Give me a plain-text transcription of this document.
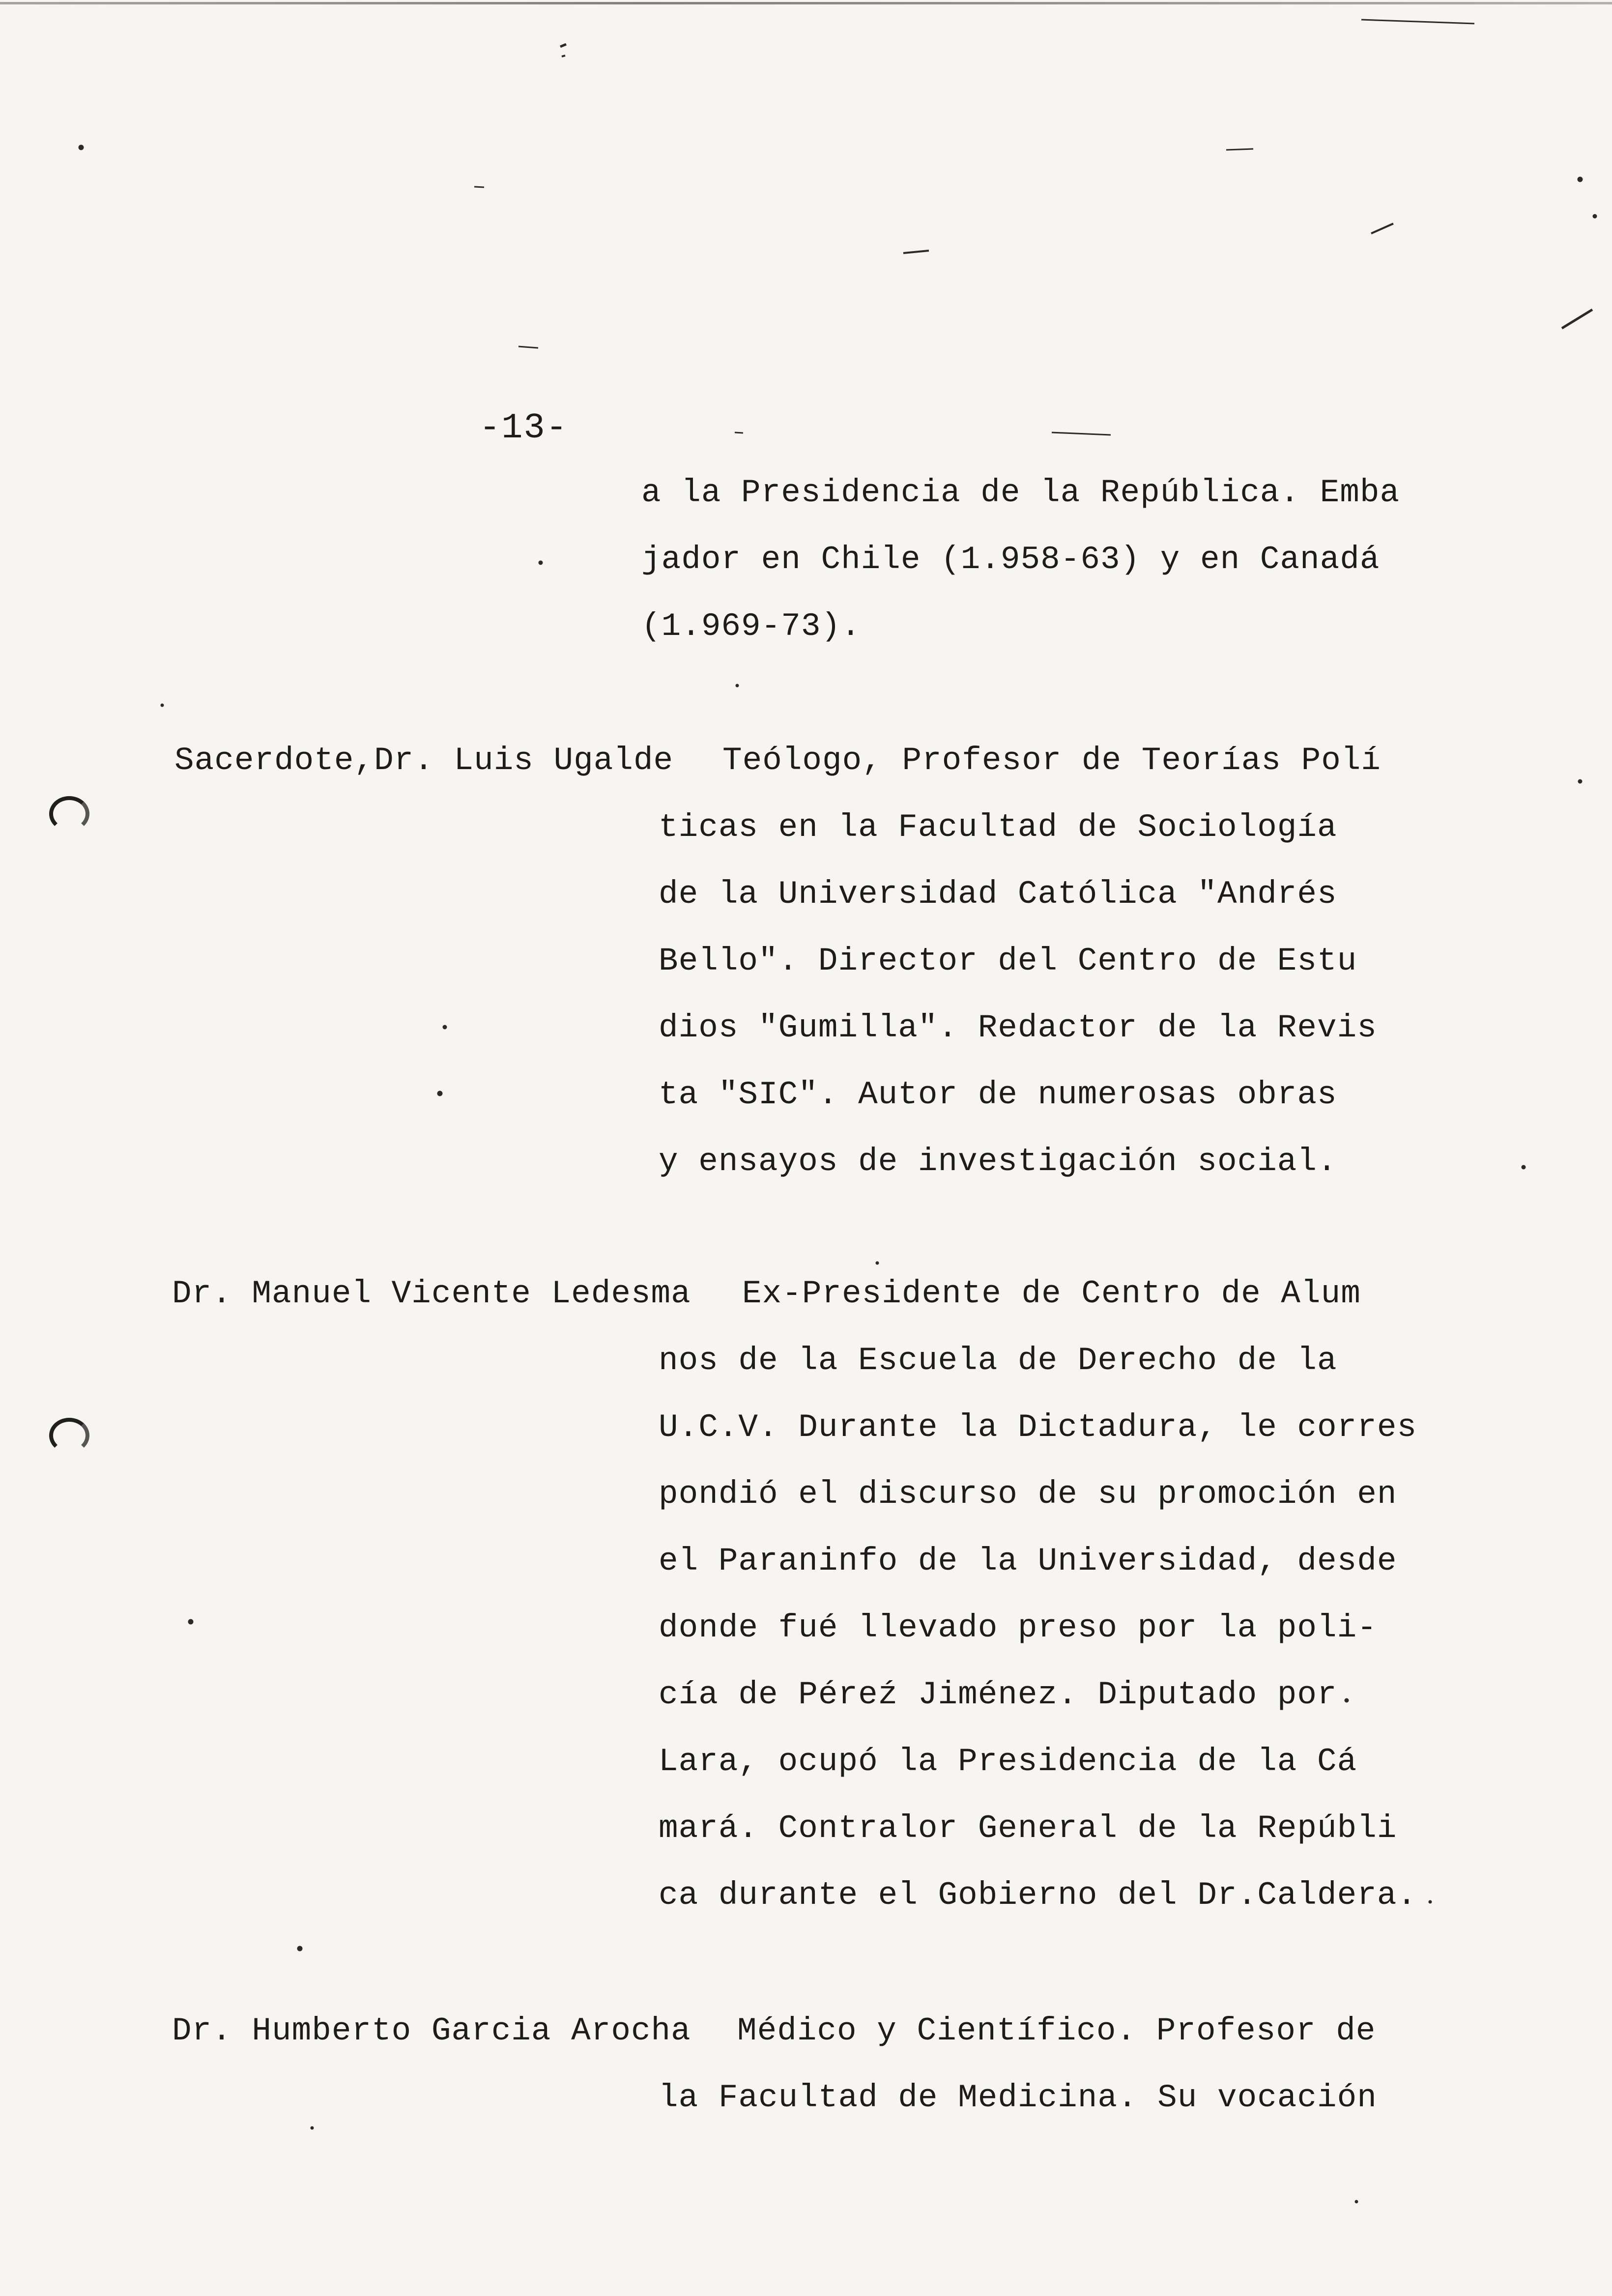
-13-
a la Presidencia de la República. Emba
jador en Chile (1.958-63) y en Canadá
(1.969-73).
Sacerdote,Dr. Luis Ugalde Teólogo, Profesor de Teorías Polí
ticas en la Facultad de Sociología
de la Universidad Católica "Andrés
Bello". Director del Centro de Estu
dios "Gumilla". Redactor de la Revis
ta "SIC". Autor de numerosas obras
y ensayos de investigación social.
Dr. Manuel Vicente Ledesma Ex-Presidente de Centro de Alum
nos de la Escuela de Derecho de la
U.C.V. Durante la Dictadura, le corres
pondió el discurso de su promoción en
el Paraninfo de la Universidad, desde
donde fué llevado preso por la poli-
cía de Péreź Jiménez. Diputado por
Lara, ocupó la Presidencia de la Cá
mará. Contralor General de la Repúbli
ca durante el Gobierno del Dr.Caldera.
Dr. Humberto Garcia Arocha Médico y Científico. Profesor de
la Facultad de Medicina. Su vocación
